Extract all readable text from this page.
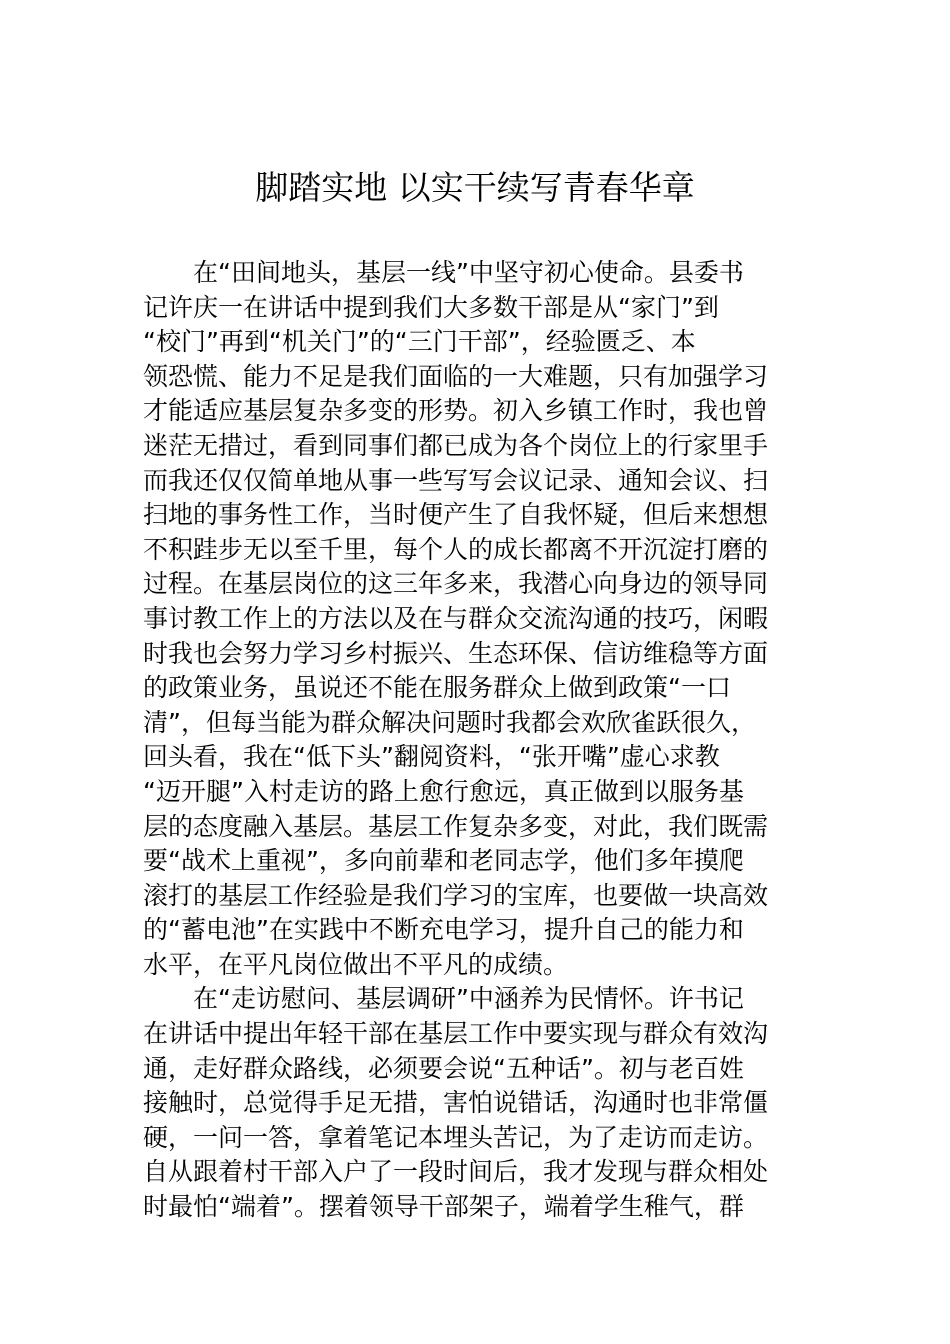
脚踏实地 以实干续写青春华章
在“田间地头，基层一线”中坚守初心使命。县委书
记许庆一在讲话中提到我们大多数干部是从“家门”到
“校门”再到“机关门”的“三门干部”，经验匮乏、本
领恐慌、能力不足是我们面临的一大难题，只有加强学习
才能适应基层复杂多变的形势。初入乡镇工作时，我也曾
迷茫无措过，看到同事们都已成为各个岗位上的行家里手
而我还仅仅简单地从事一些写写会议记录、通知会议、扫
扫地的事务性工作，当时便产生了自我怀疑，但后来想想
不积跬步无以至千里，每个人的成长都离不开沉淀打磨的
过程。在基层岗位的这三年多来，我潜心向身边的领导同
事讨教工作上的方法以及在与群众交流沟通的技巧，闲暇
时我也会努力学习乡村振兴、生态环保、信访维稳等方面
的政策业务，虽说还不能在服务群众上做到政策“一口
清”，但每当能为群众解决问题时我都会欢欣雀跃很久，
回头看，我在“低下头”翻阅资料，“张开嘴”虚心求教
“迈开腿”入村走访的路上愈行愈远，真正做到以服务基
层的态度融入基层。基层工作复杂多变，对此，我们既需
要“战术上重视”，多向前辈和老同志学，他们多年摸爬
滚打的基层工作经验是我们学习的宝库，也要做一块高效
的“蓄电池”在实践中不断充电学习，提升自己的能力和
水平，在平凡岗位做出不平凡的成绩。
在“走访慰问、基层调研”中涵养为民情怀。许书记
在讲话中提出年轻干部在基层工作中要实现与群众有效沟
通，走好群众路线，必须要会说“五种话”。初与老百姓
接触时，总觉得手足无措，害怕说错话，沟通时也非常僵
硬，一问一答，拿着笔记本埋头苦记，为了走访而走访。
自从跟着村干部入户了一段时间后，我才发现与群众相处
时最怕“端着”。摆着领导干部架子，端着学生稚气，群
